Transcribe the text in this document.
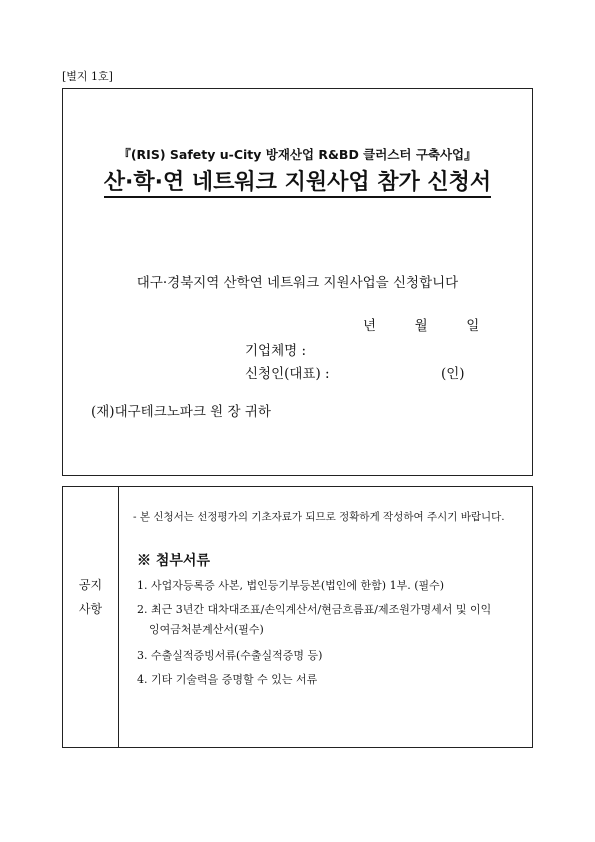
[별지 1호]
『(RIS) Safety u-City 방재산업 R&BD 클러스터 구축사업』
산·학·연 네트워크 지원사업 참가 신청서
대구·경북지역 산학연 네트워크 지원사업을 신청합니다
년	월	일
기업체명 :
신청인(대표) :	(인)
(재)대구테크노파크 원 장 귀하
공지
사항
- 본 신청서는 선정평가의 기초자료가 되므로 정확하게 작성하여 주시기 바랍니다.
※ 첨부서류
1. 사업자등록증 사본, 법인등기부등본(법인에 한함) 1부. (필수)
2. 최근 3년간 대차대조표/손익계산서/현금흐름표/제조원가명세서 및 이익
잉여금처분계산서(필수)
3. 수출실적증빙서류(수출실적증명 등)
4. 기타 기술력을 증명할 수 있는 서류
